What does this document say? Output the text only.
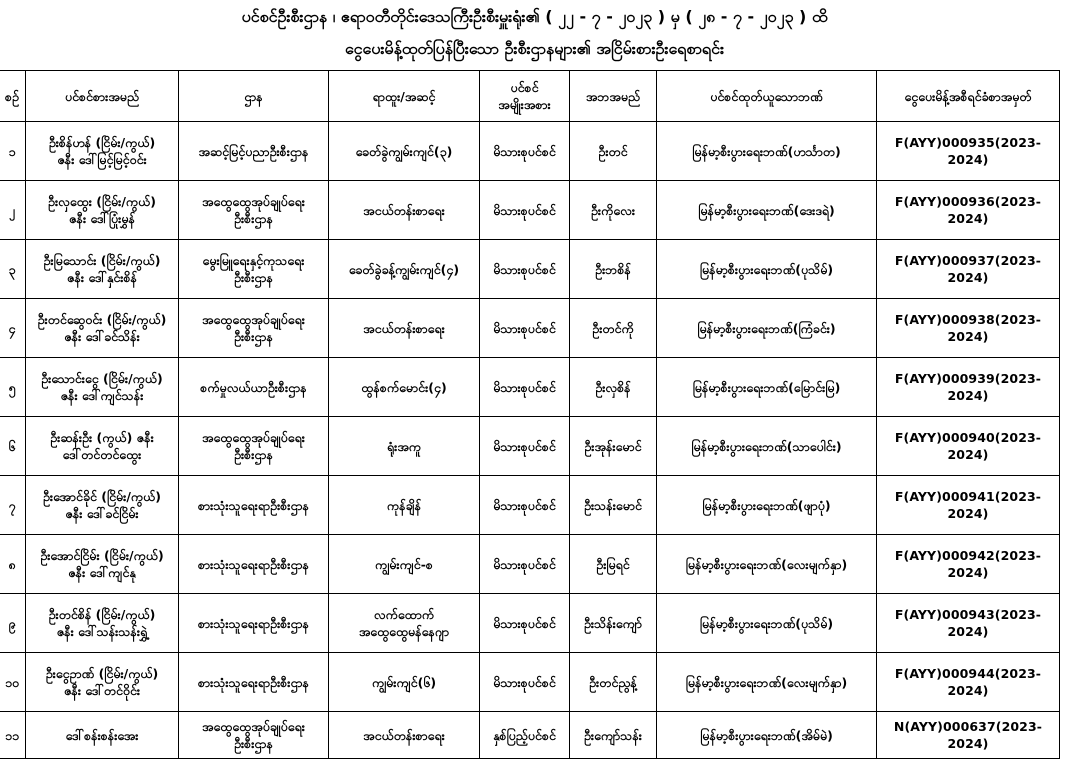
ပင်စင်ဦးစီးဌာန ၊ ဧရာဝတီတိုင်းဒေသကြီးဦးစီးမှူးရုံး၏ ( ၂၂ - ၇ - ၂၀၂၃ ) မှ ( ၂၈ - ၇ - ၂၀၂၃ ) ထိ
ငွေပေးမိန့်ထုတ်ပြန်ပြီးသော ဦးစီးဌာနများ၏ အငြိမ်းစားဦးရေစာရင်း
စဉ်	ပင်စင်စားအမည်	ဌာန	ရာထူး/အဆင့်	ပင်စင်
အမျိုးအစား	အဘအမည်	ပင်စင်ထုတ်ယူသောဘဏ်	ငွေပေးမိန့်အစီရင်ခံစာအမှတ်
၁	ဦးစိန်ဟန် (ငြိမ်း/ကွယ်)
ဇနီး ဒေါ်မြင့်မြင့်ဝင်း	အဆင့်မြင့်ပညာဦးစီးဌာန	ခေတ်ခွဲကျွမ်းကျင်(၃)	မိသားစုပင်စင်	ဦးတင်	မြန်မာ့စီးပွားရေးဘဏ်(ဟင်္သာတ)	F(AYY)000935(2023-2024)
၂	ဦးလှထွေး (ငြိမ်း/ကွယ်)
ဇနီး ဒေါ်ပြုံးမွှန်	အထွေထွေအုပ်ချုပ်ရေး
ဦးစီးဌာန	အငယ်တန်းစာရေး	မိသားစုပင်စင်	ဦးကိုလေး	မြန်မာ့စီးပွားရေးဘဏ်(ဒေးဒရဲ)	F(AYY)000936(2023-2024)
၃	ဦးမြသောင်း (ငြိမ်း/ကွယ်)
ဇနီး ဒေါ်နှင်းစိန်	မွေးမြူရေးနှင့်ကုသရေး
ဦးစီးဌာန	ခေတ်ခွဲခန့်ကျွမ်းကျင်(၄)	မိသားစုပင်စင်	ဦးဘစိန်	မြန်မာ့စီးပွားရေးဘဏ်(ပုသိမ်)	F(AYY)000937(2023-2024)
၄	ဦးတင်ဆွေဝင်း (ငြိမ်း/ကွယ်)
ဇနီး ဒေါ်ခင်သိန်း	အထွေထွေအုပ်ချုပ်ရေး
ဦးစီးဌာန	အငယ်တန်းစာရေး	မိသားစုပင်စင်	ဦးတင်ကို	မြန်မာ့စီးပွားရေးဘဏ်(ကြံခင်း)	F(AYY)000938(2023-2024)
၅	ဦးသောင်းငွေ (ငြိမ်း/ကွယ်)
ဇနီး ဒေါ်ကျင်သန်း	စက်မှုလယ်ယာဦးစီးဌာန	ထွန်စက်မောင်း(၄)	မိသားစုပင်စင်	ဦးလှစိန်	မြန်မာ့စီးပွားရေးဘဏ်(မြောင်းမြ)	F(AYY)000939(2023-2024)
၆	ဦးဆန်းဦး (ကွယ်) ဇနီး
ဒေါ်တင်တင်ထွေး	အထွေထွေအုပ်ချုပ်ရေး
ဦးစီးဌာန	ရုံးအကူ	မိသားစုပင်စင်	ဦးအုန်းမောင်	မြန်မာ့စီးပွားရေးဘဏ်(သာပေါင်း)	F(AYY)000940(2023-2024)
၇	ဦးအောင်ခိုင် (ငြိမ်း/ကွယ်)
ဇနီး ဒေါ်ခင်ငြိမ်း	စားသုံးသူရေးရာဦးစီးဌာန	ကုန်ချိန်	မိသားစုပင်စင်	ဦးသန်းမောင်	မြန်မာ့စီးပွားရေးဘဏ်(ဖျာပုံ)	F(AYY)000941(2023-2024)
၈	ဦးအောင်ငြိမ်း (ငြိမ်း/ကွယ်)
ဇနီး ဒေါ်ကျင်နု	စားသုံးသူရေးရာဦးစီးဌာန	ကျွမ်းကျင်-စ	မိသားစုပင်စင်	ဦးမြရင်	မြန်မာ့စီးပွားရေးဘဏ်(လေးမျက်နှာ)	F(AYY)000942(2023-2024)
၉	ဦးတင်စိန် (ငြိမ်း/ကွယ်)
ဇနီး ဒေါ်သန်းသန်းရွှဲ့	စားသုံးသူရေးရာဦးစီးဌာန	လက်ထောက်
အထွေထွေမန်နေဂျာ	မိသားစုပင်စင်	ဦးသိန်းကျော်	မြန်မာ့စီးပွားရေးဘဏ်(ပုသိမ်)	F(AYY)000943(2023-2024)
၁၀	ဦးငွေဥာဏ် (ငြိမ်း/ကွယ်)
ဇနီး ဒေါ်တင်ဝိုင်း	စားသုံးသူရေးရာဦးစီးဌာန	ကျွမ်းကျင်(၆)	မိသားစုပင်စင်	ဦးတင်ညွန့်	မြန်မာ့စီးပွားရေးဘဏ်(လေးမျက်နှာ)	F(AYY)000944(2023-2024)
၁၁	ဒေါ်စန်းစန်းအေး	အထွေထွေအုပ်ချုပ်ရေး
ဦးစီးဌာန	အငယ်တန်းစာရေး	နှစ်ပြည့်ပင်စင်	ဦးကျော်သန်း	မြန်မာ့စီးပွားရေးဘဏ်(အိမ်မဲ)	N(AYY)000637(2023-2024)
